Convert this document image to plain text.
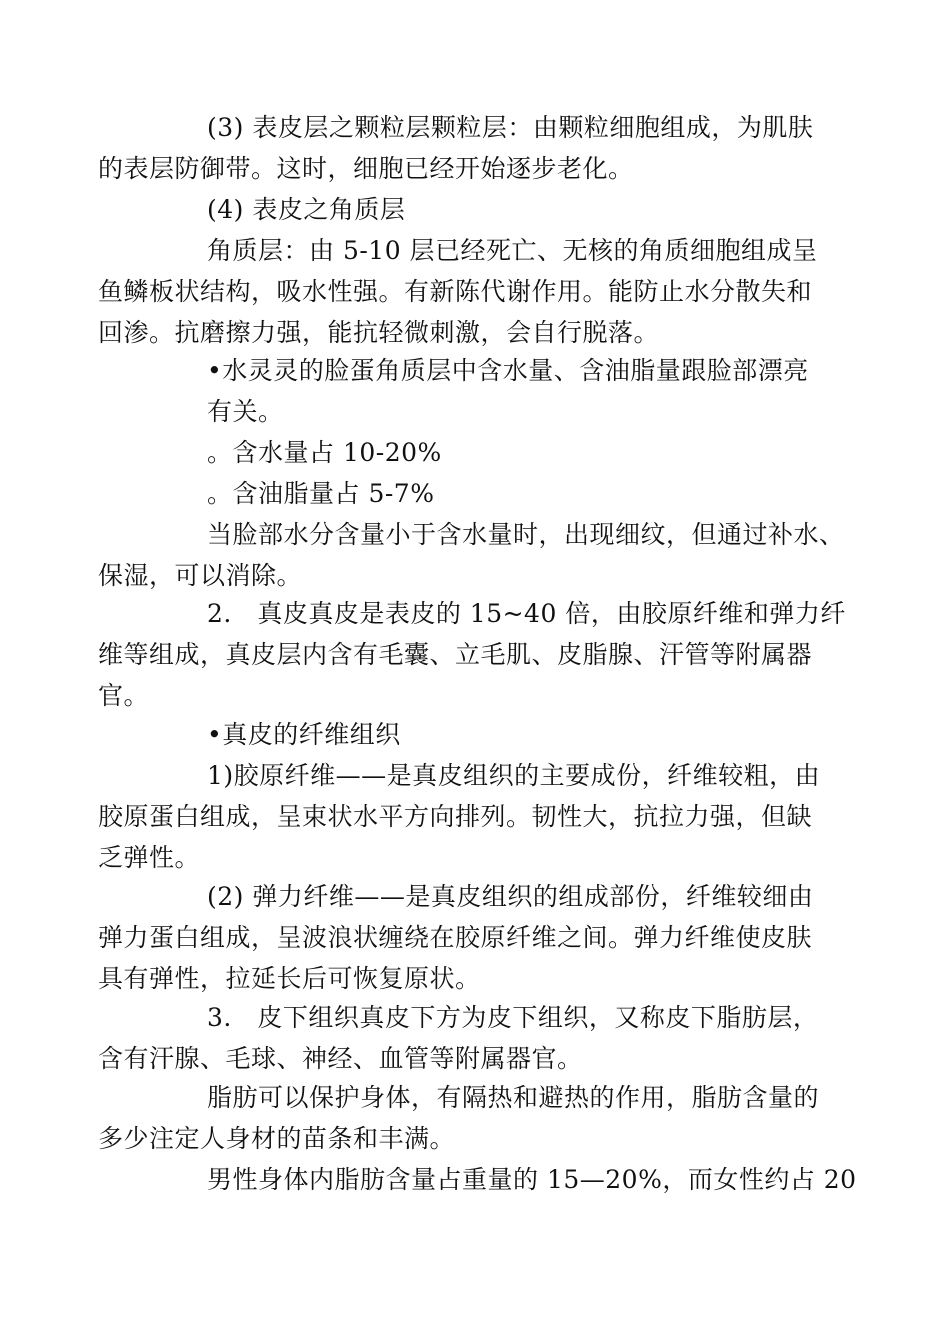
(3) 表皮层之颗粒层颗粒层：由颗粒细胞组成，为肌肤
的表层防御带。这时，细胞已经开始逐步老化。
(4) 表皮之角质层
角质层：由 5-10 层已经死亡、无核的角质细胞组成呈
鱼鳞板状结构，吸水性强。有新陈代谢作用。能防止水分散失和
回渗。抗磨擦力强，能抗轻微刺激，会自行脱落。
•水灵灵的脸蛋角质层中含水量、含油脂量跟脸部漂亮
有关。
。含水量占 10-20%
。含油脂量占 5-7%
当脸部水分含量小于含水量时，出现细纹，但通过补水、
保湿，可以消除。
2.　真皮真皮是表皮的 15~40 倍，由胶原纤维和弹力纤
维等组成，真皮层内含有毛囊、立毛肌、皮脂腺、汗管等附属器
官。
•真皮的纤维组织
1)胶原纤维——是真皮组织的主要成份，纤维较粗，由
胶原蛋白组成，呈束状水平方向排列。韧性大，抗拉力强，但缺
乏弹性。
(2) 弹力纤维——是真皮组织的组成部份，纤维较细由
弹力蛋白组成，呈波浪状缠绕在胶原纤维之间。弹力纤维使皮肤
具有弹性，拉延长后可恢复原状。
3.　皮下组织真皮下方为皮下组织，又称皮下脂肪层，
含有汗腺、毛球、神经、血管等附属器官。
脂肪可以保护身体，有隔热和避热的作用，脂肪含量的
多少注定人身材的苗条和丰满。
男性身体内脂肪含量占重量的 15—20%，而女性约占 20
